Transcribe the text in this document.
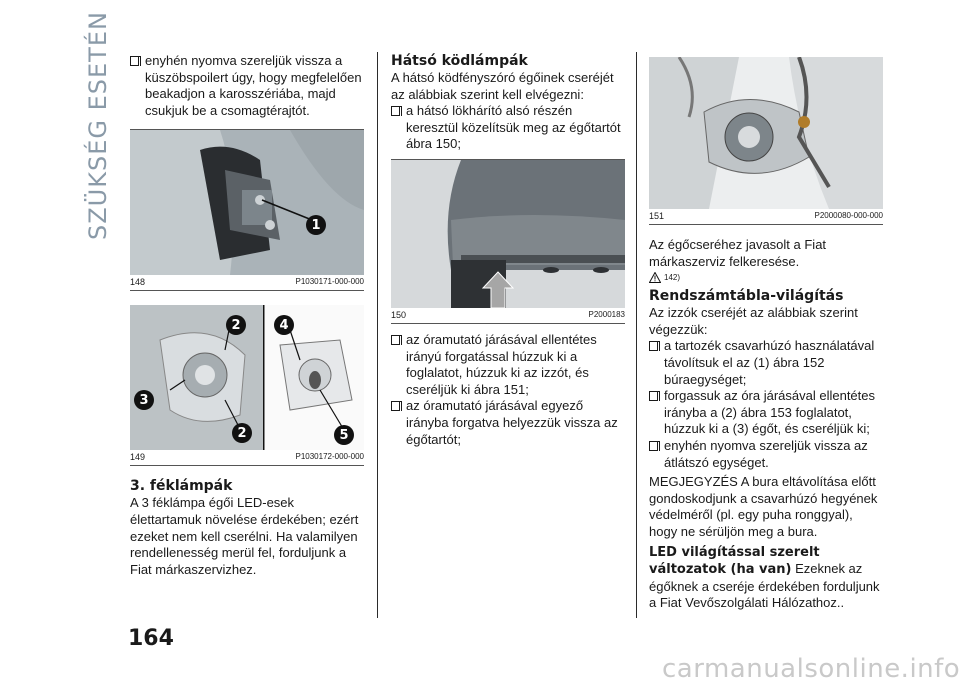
SZÜKSÉG ESETÉN	enyhén nyomva szereljük vissza a küszöbspoilert úgy, hogy megfelelően beakadjon a karosszériába, majd csukjuk be a csomagtérajtót.

1
148	P1030171-000-000
2
3
2
4
5
149	P1030172-000-000
3. féklámpák

A 3 féklámpa égői LED-esek élettartamuk növelése érdekében; ezért ezeket nem kell cserélni. Ha valamilyen rendellenesség merül fel, forduljunk a Fiat márkaszervizhez.

Hátsó ködlámpák

A hátsó ködfényszóró égőinek cseréjét az alábbiak szerint kell elvégezni:

a hátsó lökhárító alsó részén keresztül közelítsük meg az égőtartót ábra 150;

150	P2000183

az óramutató járásával ellentétes irányú forgatással húzzuk ki a foglalatot, húzzuk ki az izzót, és cseréljük ki ábra 151;

az óramutató járásával egyező irányba forgatva helyezzük vissza az égőtartót;

151	P2000080-000-000

Az égőcseréhez javasolt a Fiat márkaszerviz felkeresése.

142)
Rendszámtábla-világítás

Az izzók cseréjét az alábbiak szerint végezzük:

a tartozék csavarhúzó használatával távolítsuk el az (1) ábra 152 búraegységet;

forgassuk az óra járásával ellentétes irányba a (2) ábra 153 foglalatot, húzzuk ki a (3) égőt, és cseréljük ki;

enyhén nyomva szereljük vissza az átlátszó egységet.

MEGJEGYZÉS A bura eltávolítása előtt gondoskodjunk a csavarhúzó hegyének védelméről (pl. egy puha ronggyal), hogy ne sérüljön meg a bura.

LED világítással szerelt változatok (ha van) Ezeknek az égőknek a cseréje érdekében forduljunk a Fiat Vevőszolgálati Hálózathoz..

164
carmanualsonline.info
